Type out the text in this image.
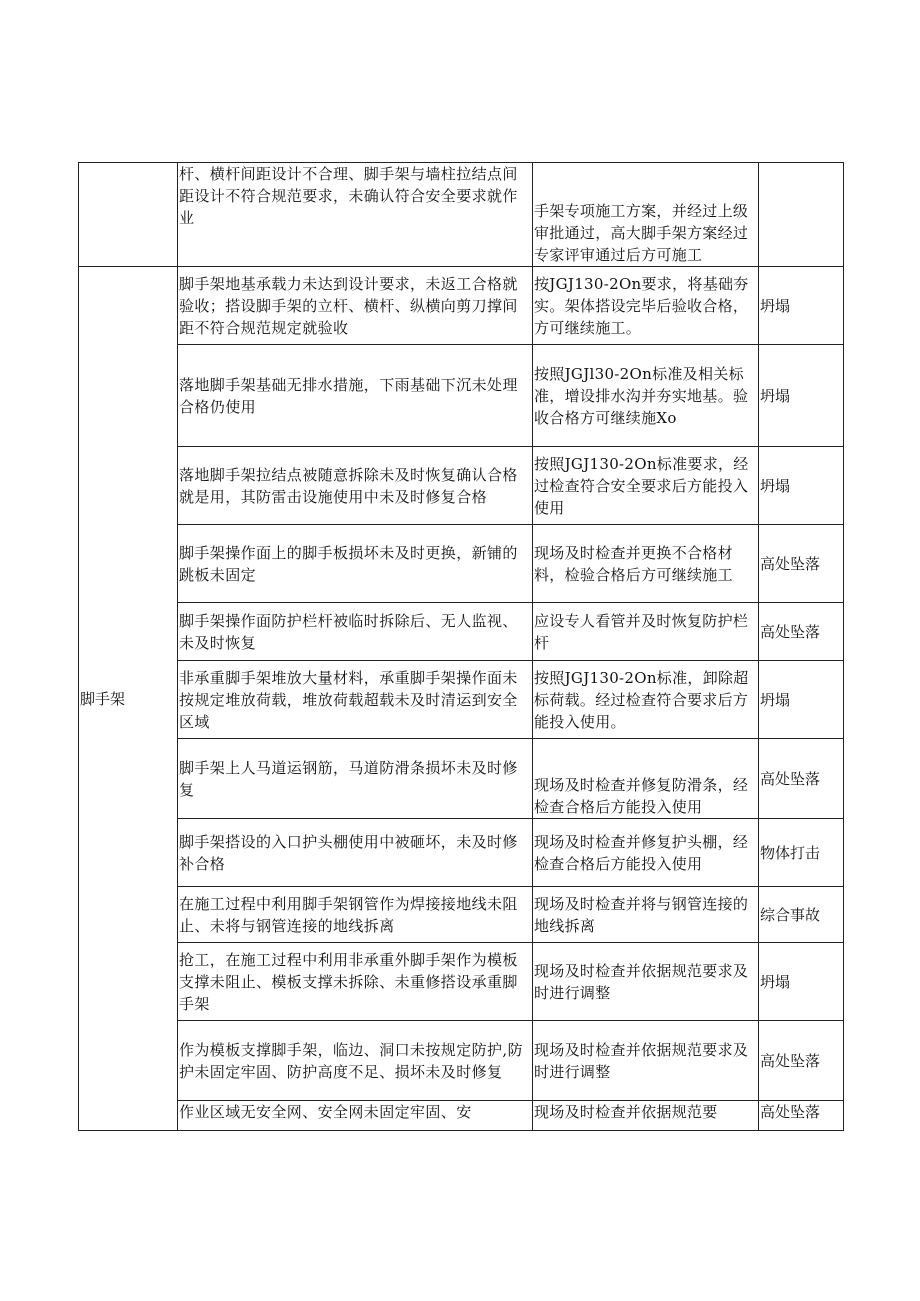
	杆、横杆间距设计不合理、脚手架与墙柱拉结点间距设计不符合规范要求，未确认符合安全要求就作业	手架专项施工方案，并经过上级审批通过，高大脚手架方案经过专家评审通过后方可施工	
脚手架	脚手架地基承载力未达到设计要求，未返工合格就验收；搭设脚手架的立杆、横杆、纵横向剪刀撑间距不符合规范规定就验收	按JGJ130-2On要求，将基础夯实。架体搭设完毕后验收合格，方可继续施工。	坍塌
	落地脚手架基础无排水措施，下雨基础下沉未处理合格仍使用	按照JGJl30-2On标准及相关标准，增设排水沟并夯实地基。验收合格方可继续施Xo	坍塌
	落地脚手架拉结点被随意拆除未及时恢复确认合格就是用，其防雷击设施使用中未及时修复合格	按照JGJ130-2On标准要求，经过检查符合安全要求后方能投入使用	坍塌
	脚手架操作面上的脚手板损坏未及时更换，新铺的跳板未固定	现场及时检查并更换不合格材料，检验合格后方可继续施工	高处坠落
	脚手架操作面防护栏杆被临时拆除后、无人监视、未及时恢复	应设专人看管并及时恢复防护栏杆	高处坠落
	非承重脚手架堆放大量材料，承重脚手架操作面未按规定堆放荷载，堆放荷载超载未及时清运到安全区域	按照JGJ130-2On标准，卸除超标荷载。经过检查符合要求后方能投入使用。	坍塌
	脚手架上人马道运钢筋，马道防滑条损坏未及时修复	现场及时检查并修复防滑条，经检查合格后方能投入使用	高处坠落
	脚手架搭设的入口护头棚使用中被砸坏，未及时修补合格	现场及时检查并修复护头棚，经检查合格后方能投入使用	物体打击
	在施工过程中利用脚手架钢管作为焊接接地线未阻止、未将与钢管连接的地线拆离	现场及时检查并将与钢管连接的地线拆离	综合事故
	抢工，在施工过程中利用非承重外脚手架作为模板支撑未阻止、模板支撑未拆除、未重修搭设承重脚手架	现场及时检查并依据规范要求及时进行调整	坍塌
	作为模板支撑脚手架，临边、洞口未按规定防护,防护未固定牢固、防护高度不足、损坏未及时修复	现场及时检查并依据规范要求及时进行调整	高处坠落
	作业区域无安全网、安全网未固定牢固、安	现场及时检查并依据规范要	高处坠落
